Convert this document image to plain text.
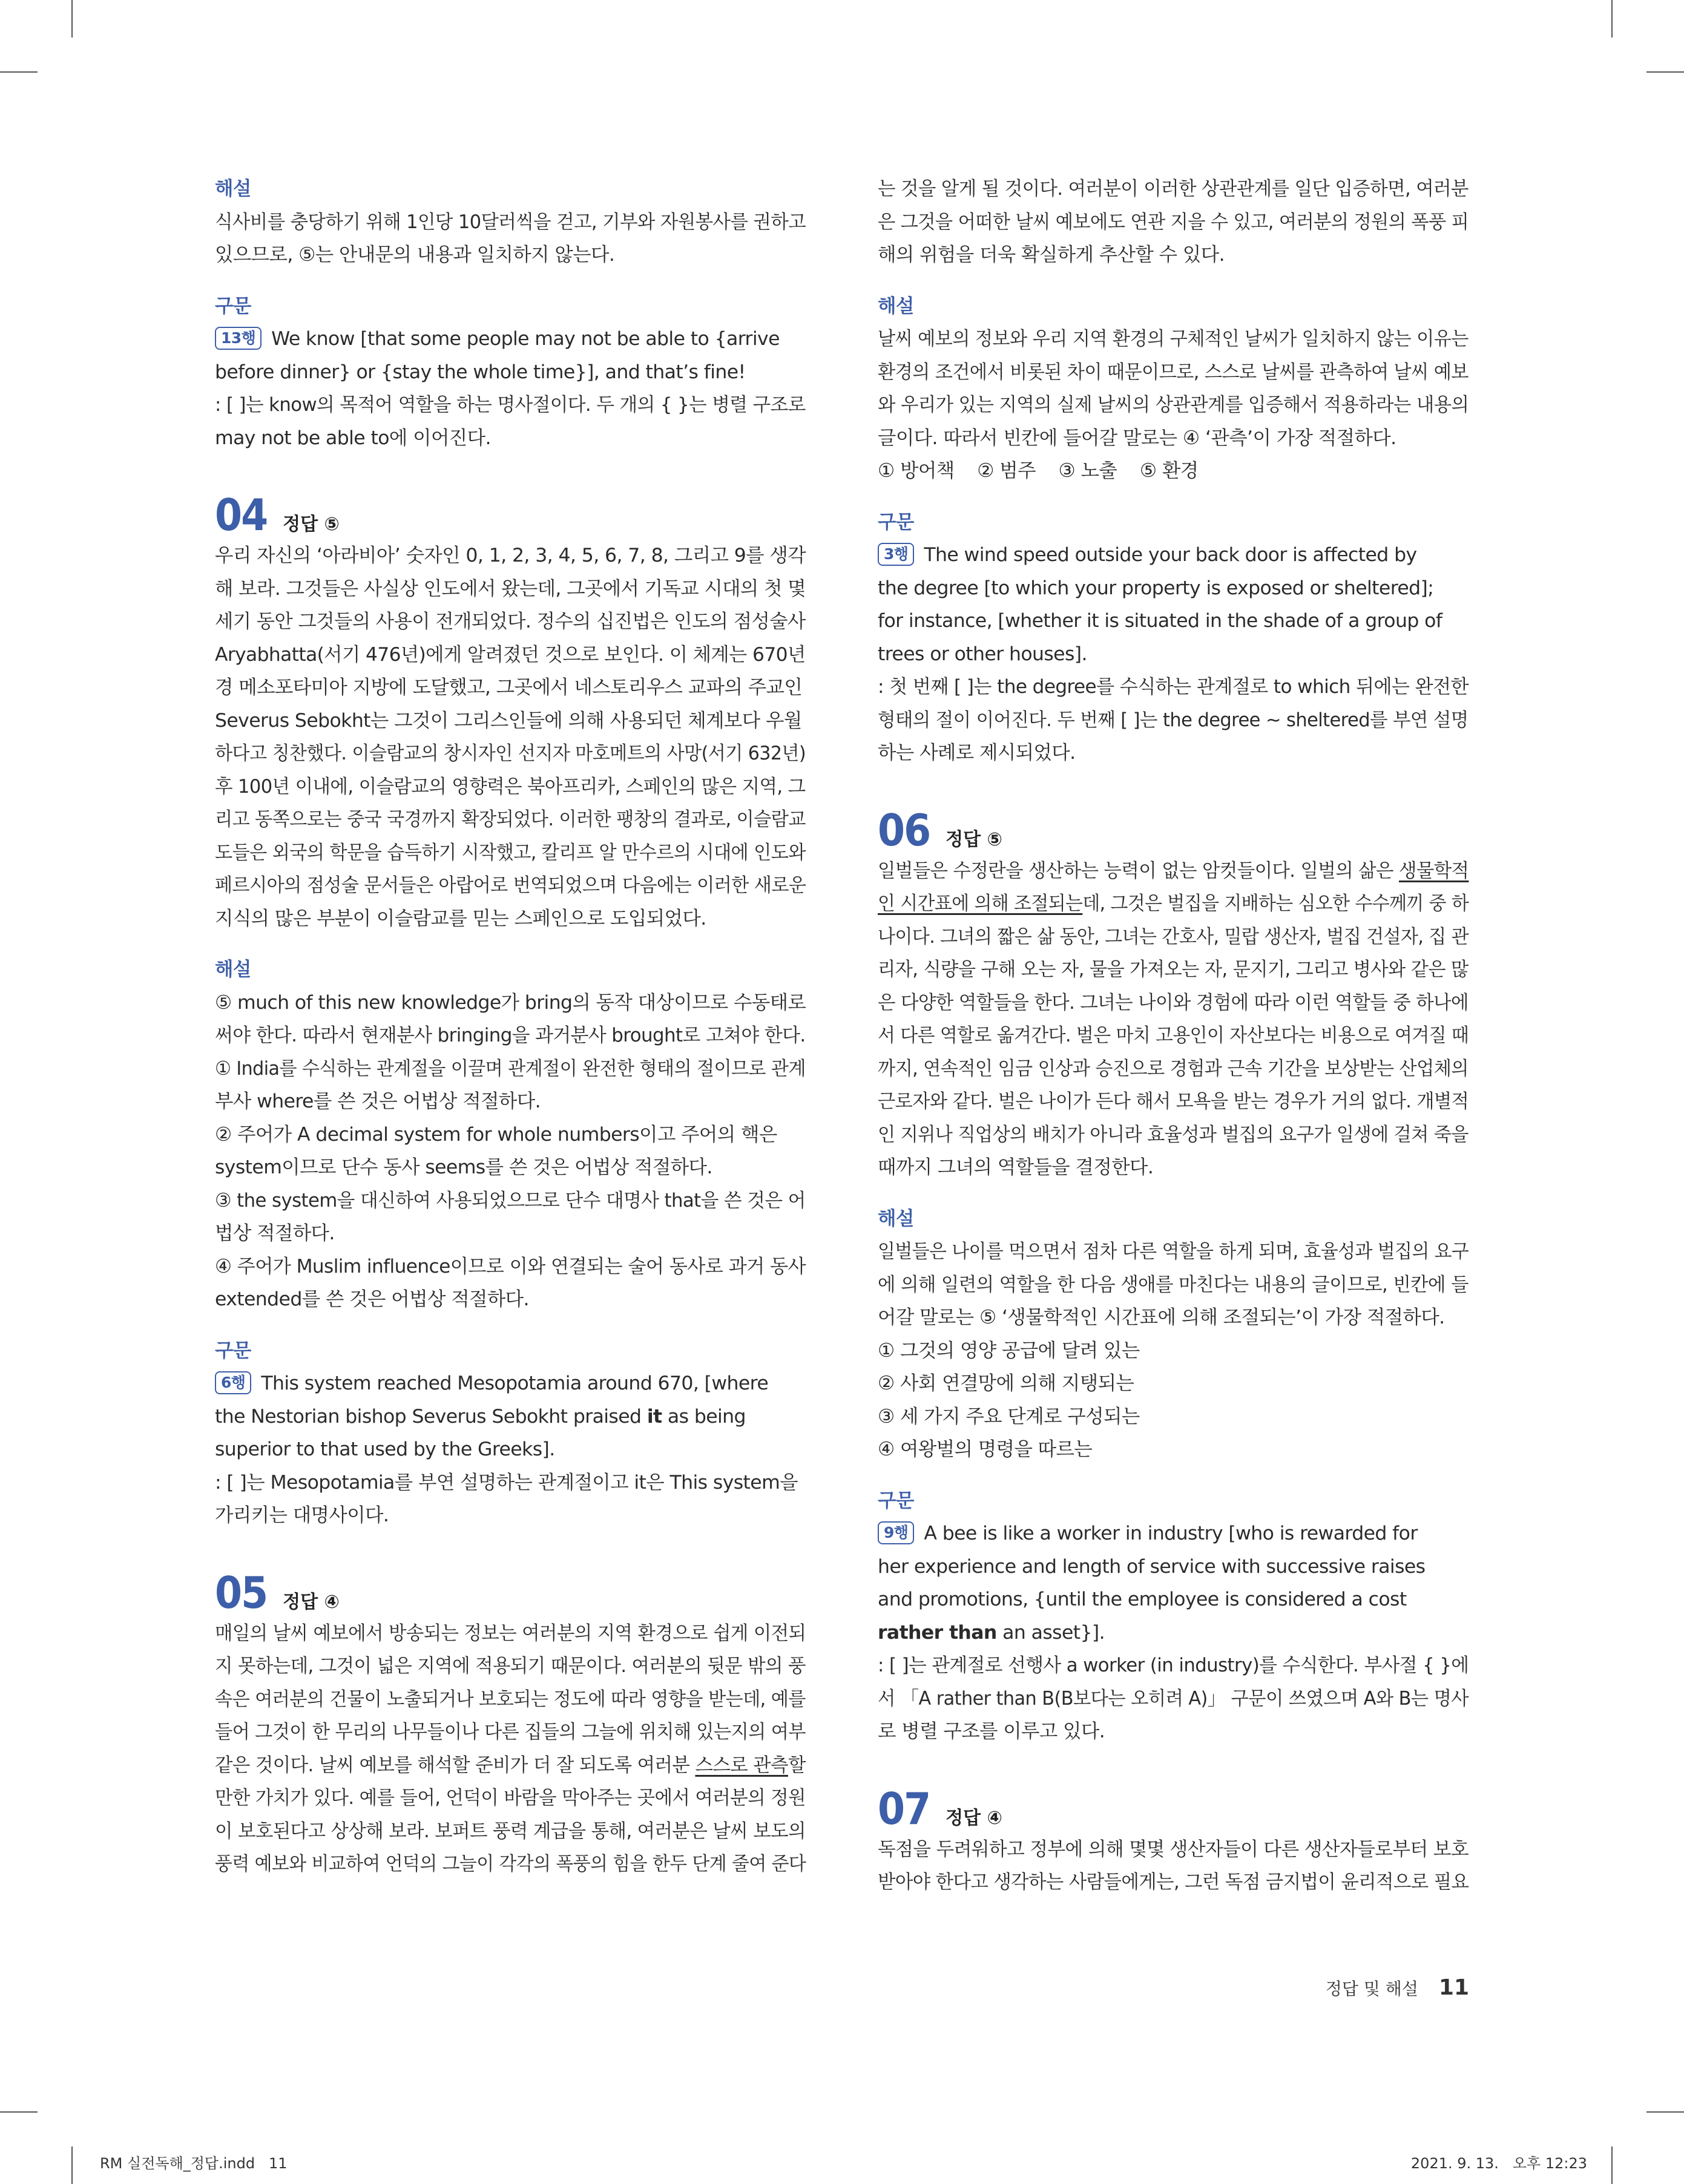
해설

식사비를 충당하기 위해 1인당 10달러씩을 걷고, 기부와 자원봉사를 권하고

있으므로, ⑤는 안내문의 내용과 일치하지 않는다.

구문

13행 We know [that some people may not be able to {arrive

before dinner} or {stay the whole time}], and that’s fine!

: [ ]는 know의 목적어 역할을 하는 명사절이다. 두 개의 { }는 병렬 구조로

may not be able to에 이어진다.

04 정답 ⑤

우리 자신의 ‘아라비아’ 숫자인 0, 1, 2, 3, 4, 5, 6, 7, 8, 그리고 9를 생각

해 보라. 그것들은 사실상 인도에서 왔는데, 그곳에서 기독교 시대의 첫 몇

세기 동안 그것들의 사용이 전개되었다. 정수의 십진법은 인도의 점성술사

Aryabhatta(서기 476년)에게 알려졌던 것으로 보인다. 이 체계는 670년

경 메소포타미아 지방에 도달했고, 그곳에서 네스토리우스 교파의 주교인

Severus Sebokht는 그것이 그리스인들에 의해 사용되던 체계보다 우월

하다고 칭찬했다. 이슬람교의 창시자인 선지자 마호메트의 사망(서기 632년)

후 100년 이내에, 이슬람교의 영향력은 북아프리카, 스페인의 많은 지역, 그

리고 동쪽으로는 중국 국경까지 확장되었다. 이러한 팽창의 결과로, 이슬람교

도들은 외국의 학문을 습득하기 시작했고, 칼리프 알 만수르의 시대에 인도와

페르시아의 점성술 문서들은 아랍어로 번역되었으며 다음에는 이러한 새로운

지식의 많은 부분이 이슬람교를 믿는 스페인으로 도입되었다.

해설

⑤ much of this new knowledge가 bring의 동작 대상이므로 수동태로

써야 한다. 따라서 현재분사 bringing을 과거분사 brought로 고쳐야 한다.

① India를 수식하는 관계절을 이끌며 관계절이 완전한 형태의 절이므로 관계

부사 where를 쓴 것은 어법상 적절하다.

② 주어가 A decimal system for whole numbers이고 주어의 핵은

system이므로 단수 동사 seems를 쓴 것은 어법상 적절하다.

③ the system을 대신하여 사용되었으므로 단수 대명사 that을 쓴 것은 어

법상 적절하다.

④ 주어가 Muslim influence이므로 이와 연결되는 술어 동사로 과거 동사

extended를 쓴 것은 어법상 적절하다.

구문

6행 This system reached Mesopotamia around 670, [where

the Nestorian bishop Severus Sebokht praised it as being

superior to that used by the Greeks].

: [ ]는 Mesopotamia를 부연 설명하는 관계절이고 it은 This system을

가리키는 대명사이다.

05 정답 ④

매일의 날씨 예보에서 방송되는 정보는 여러분의 지역 환경으로 쉽게 이전되

지 못하는데, 그것이 넓은 지역에 적용되기 때문이다. 여러분의 뒷문 밖의 풍

속은 여러분의 건물이 노출되거나 보호되는 정도에 따라 영향을 받는데, 예를

들어 그것이 한 무리의 나무들이나 다른 집들의 그늘에 위치해 있는지의 여부

같은 것이다. 날씨 예보를 해석할 준비가 더 잘 되도록 여러분 스스로 관측할

만한 가치가 있다. 예를 들어, 언덕이 바람을 막아주는 곳에서 여러분의 정원

이 보호된다고 상상해 보라. 보퍼트 풍력 계급을 통해, 여러분은 날씨 보도의

풍력 예보와 비교하여 언덕의 그늘이 각각의 폭풍의 힘을 한두 단계 줄여 준다

는 것을 알게 될 것이다. 여러분이 이러한 상관관계를 일단 입증하면, 여러분

은 그것을 어떠한 날씨 예보에도 연관 지을 수 있고, 여러분의 정원의 폭풍 피

해의 위험을 더욱 확실하게 추산할 수 있다.

해설

날씨 예보의 정보와 우리 지역 환경의 구체적인 날씨가 일치하지 않는 이유는

환경의 조건에서 비롯된 차이 때문이므로, 스스로 날씨를 관측하여 날씨 예보

와 우리가 있는 지역의 실제 날씨의 상관관계를 입증해서 적용하라는 내용의

글이다. 따라서 빈칸에 들어갈 말로는 ④ ‘관측’이 가장 적절하다.

① 방어책    ② 범주    ③ 노출    ⑤ 환경

구문

3행 The wind speed outside your back door is affected by

the degree [to which your property is exposed or sheltered];

for instance, [whether it is situated in the shade of a group of

trees or other houses].

: 첫 번째 [ ]는 the degree를 수식하는 관계절로 to which 뒤에는 완전한

형태의 절이 이어진다. 두 번째 [ ]는 the degree ~ sheltered를 부연 설명

하는 사례로 제시되었다.

06 정답 ⑤

일벌들은 수정란을 생산하는 능력이 없는 암컷들이다. 일벌의 삶은 생물학적

인 시간표에 의해 조절되는데, 그것은 벌집을 지배하는 심오한 수수께끼 중 하

나이다. 그녀의 짧은 삶 동안, 그녀는 간호사, 밀랍 생산자, 벌집 건설자, 집 관

리자, 식량을 구해 오는 자, 물을 가져오는 자, 문지기, 그리고 병사와 같은 많

은 다양한 역할들을 한다. 그녀는 나이와 경험에 따라 이런 역할들 중 하나에

서 다른 역할로 옮겨간다. 벌은 마치 고용인이 자산보다는 비용으로 여겨질 때

까지, 연속적인 임금 인상과 승진으로 경험과 근속 기간을 보상받는 산업체의

근로자와 같다. 벌은 나이가 든다 해서 모욕을 받는 경우가 거의 없다. 개별적

인 지위나 직업상의 배치가 아니라 효율성과 벌집의 요구가 일생에 걸쳐 죽을

때까지 그녀의 역할들을 결정한다.

해설

일벌들은 나이를 먹으면서 점차 다른 역할을 하게 되며, 효율성과 벌집의 요구

에 의해 일련의 역할을 한 다음 생애를 마친다는 내용의 글이므로, 빈칸에 들

어갈 말로는 ⑤ ‘생물학적인 시간표에 의해 조절되는’이 가장 적절하다.

① 그것의 영양 공급에 달려 있는

② 사회 연결망에 의해 지탱되는

③ 세 가지 주요 단계로 구성되는

④ 여왕벌의 명령을 따르는

구문

9행 A bee is like a worker in industry [who is rewarded for

her experience and length of service with successive raises

and promotions, {until the employee is considered a cost

rather than an asset}].

: [ ]는 관계절로 선행사 a worker (in industry)를 수식한다. 부사절 { }에

서 「A rather than B(B보다는 오히려 A)」 구문이 쓰였으며 A와 B는 명사

로 병렬 구조를 이루고 있다.

07 정답 ④

독점을 두려워하고 정부에 의해 몇몇 생산자들이 다른 생산자들로부터 보호

받아야 한다고 생각하는 사람들에게는, 그런 독점 금지법이 윤리적으로 필요

정답 및 해설 11
RM 실전독해_정답.indd   11	2021. 9. 13.   오후 12:23
